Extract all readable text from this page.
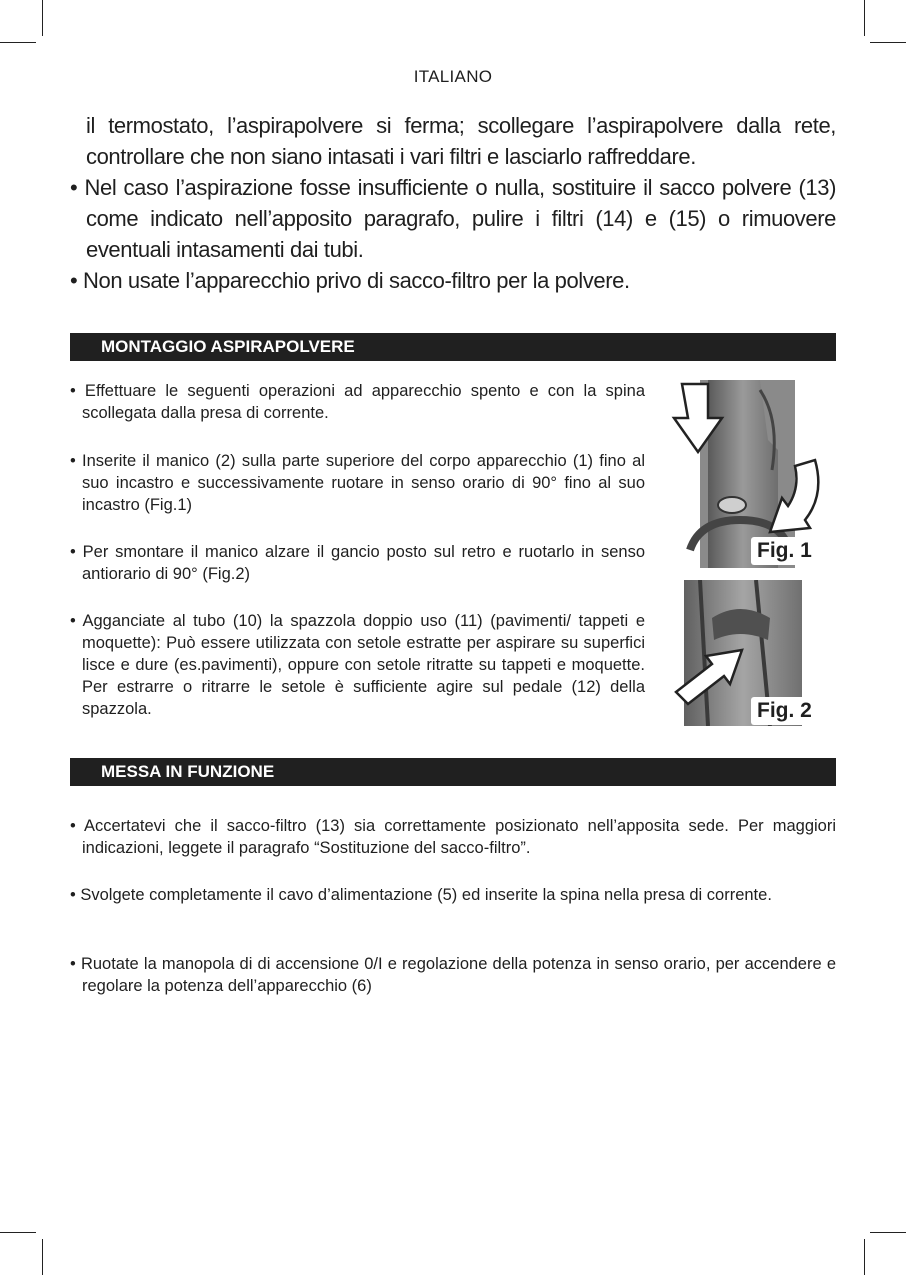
ITALIANO

il termostato, l’aspirapolvere si ferma; scollegare l’aspirapolvere dalla rete, controllare che non siano intasati i vari filtri e lasciarlo raffreddare.

• Nel caso l’aspirazione fosse insufficiente o nulla, sostituire il sacco polvere (13) come indicato nell’apposito paragrafo, pulire i filtri (14) e (15) o rimuovere eventuali intasamenti dai tubi.

• Non usate l’apparecchio privo di sacco-filtro per la polvere.

MONTAGGIO ASPIRAPOLVERE
• Effettuare le seguenti operazioni ad apparecchio spento e con la spina scollegata dalla presa di corrente.
• Inserite il manico (2) sulla parte superiore del corpo apparecchio (1) fino al suo incastro e successivamente ruotare in senso orario di 90° fino al suo incastro (Fig.1)
• Per smontare il manico alzare il gancio posto sul retro e ruotarlo in senso antiorario di 90° (Fig.2)
• Agganciate al tubo (10) la spazzola doppio uso (11) (pavimenti/ tappeti e moquette): Può essere utilizzata con setole estratte per aspirare su superfici lisce e dure (es.pavimenti), oppure con setole ritratte su tappeti e moquette. Per estrarre o ritrarre le setole è sufficiente agire sul pedale (12) della spazzola.
Fig. 1
Fig. 2
MESSA IN FUNZIONE
• Accertatevi che il sacco-filtro (13) sia correttamente posizionato nell’apposita sede. Per maggiori indicazioni, leggete il paragrafo “Sostituzione del sacco-filtro”.
• Svolgete completamente il cavo d’alimentazione (5) ed inserite la spina nella presa di corrente.
• Ruotate la manopola di di accensione 0/I e regolazione della potenza in senso orario, per accendere e regolare la potenza dell’apparecchio (6)
